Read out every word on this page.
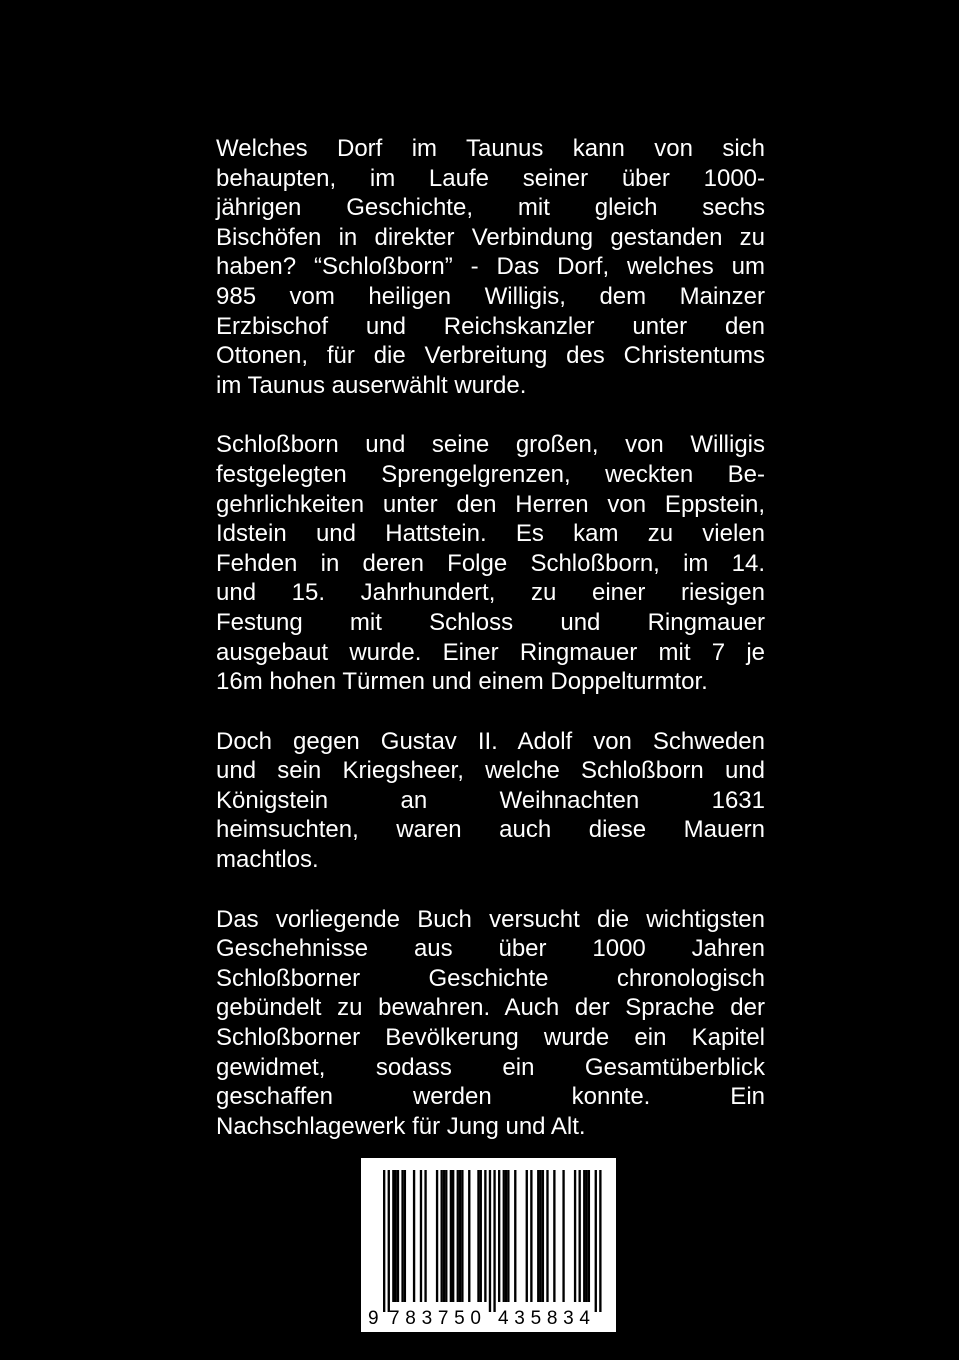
Welches Dorf im Taunus kann von sich
behaupten, im Laufe seiner über 1000-
jährigen Geschichte, mit gleich sechs
Bischöfen in direkter Verbindung gestanden zu
haben? “Schloßborn” - Das Dorf, welches um
985 vom heiligen Willigis, dem Mainzer
Erzbischof und Reichskanzler unter den
Ottonen, für die Verbreitung des Christentums
im Taunus auserwählt wurde.

Schloßborn und seine großen, von Willigis
festgelegten Sprengelgrenzen, weckten Be-
gehrlichkeiten unter den Herren von Eppstein,
Idstein und Hattstein. Es kam zu vielen
Fehden in deren Folge Schloßborn, im 14.
und 15. Jahrhundert, zu einer riesigen
Festung mit Schloss und Ringmauer
ausgebaut wurde. Einer Ringmauer mit 7 je
16m hohen Türmen und einem Doppelturmtor.

Doch gegen Gustav II. Adolf von Schweden
und sein Kriegsheer, welche Schloßborn und
Königstein an Weihnachten 1631
heimsuchten, waren auch diese Mauern
machtlos.

Das vorliegende Buch versucht die wichtigsten
Geschehnisse aus über 1000 Jahren
Schloßborner Geschichte chronologisch
gebündelt zu bewahren. Auch der Sprache der
Schloßborner Bevölkerung wurde ein Kapitel
gewidmet, sodass ein Gesamtüberblick
geschaffen werden konnte. Ein
Nachschlagewerk für Jung und Alt.

9 783750 435834
